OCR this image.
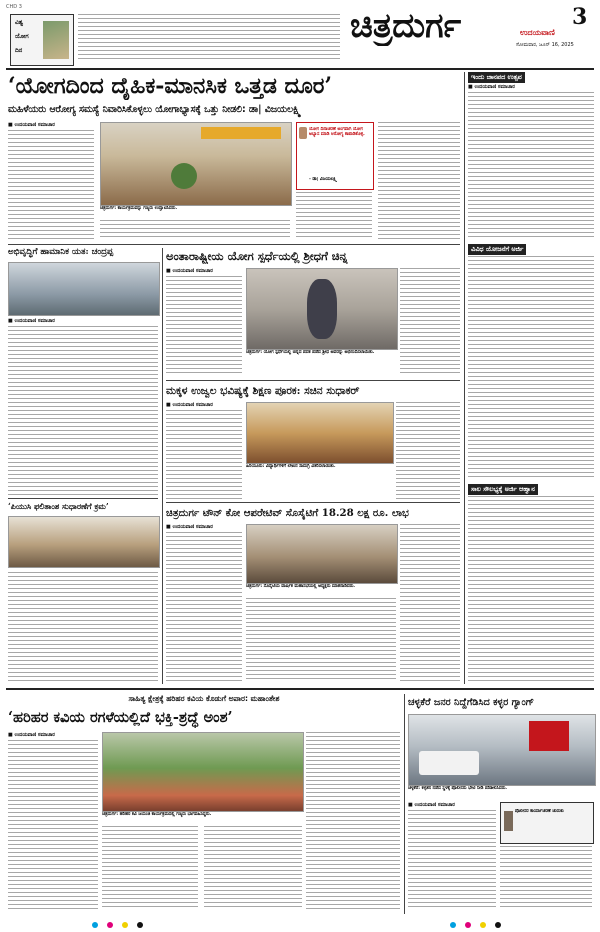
CHD 3
ವಿಶ್ವ
ಯೋಗ
ದಿನ
ಚಿತ್ರದುರ್ಗ	3
ಉದಯವಾಣಿ
ಸೋಮವಾರ, ಜೂನ್ 16, 2025
‘ಯೋಗದಿಂದ ದೈಹಿಕ-ಮಾನಸಿಕ ಒತ್ತಡ ದೂರ’
ಮಹಿಳೆಯರು ಆರೋಗ್ಯ ಸಮಸ್ಯೆ ನಿವಾರಿಸಿಕೊಳ್ಳಲು ಯೋಗಾಭ್ಯಾಸಕ್ಕೆ ಒತ್ತು ನೀಡಲಿ: ಡಾ| ವಿಜಯಲಕ್ಷ್ಮಿ
ಇಂದು ಜಾನಪದ ಉತ್ಸವ
■ ಉದಯವಾಣಿ ಸಮಾಚಾರ
ವಿವಿಧ ಯೋಜನೆಗೆ ಅರ್ಜಿ
ಸಾಲ ಸೌಲಭ್ಯಕ್ಕೆ ಅರ್ಜಿ ಆಹ್ವಾನ
■ ಉದಯವಾಣಿ ಸಮಾಚಾರ
ಚಿತ್ರದುರ್ಗ: ಕಾರ್ಯಕ್ರಮವನ್ನು ಗಣ್ಯರು ಉದ್ಘಾಟಿಸಿದರು.
ಯೋಗ ದಿನಾಚರಣೆ ಅಂಗವಾಗಿ ಯೋಗ ಅಭ್ಯಾಸ ಮಾಡಿ ಆರೋಗ್ಯ ಕಾಪಾಡಿಕೊಳ್ಳಿ.
- ಡಾ| ವಿಜಯಲಕ್ಷ್ಮಿ
ಅಭಿವೃದ್ಧಿಗೆ ಹಾಮಾನಿಕ ಯತ: ಚಂದ್ರಪ್ಪ
■ ಉದಯವಾಣಿ ಸಮಾಚಾರ
‘ಪಿಯುಸಿ ಫಲಿತಾಂಶ ಸುಧಾರಣೆಗೆ ಕ್ರಮ’
ಅಂತಾರಾಷ್ಟ್ರೀಯ ಯೋಗ ಸ್ಪರ್ಧೆಯಲ್ಲಿ ಶ್ರೀಧಗೆ ಚಿನ್ನ
■ ಉದಯವಾಣಿ ಸಮಾಚಾರ
ಚಿತ್ರದುರ್ಗ: ಯೋಗ ಸ್ಪರ್ಧೆಯಲ್ಲಿ ಚಿನ್ನದ ಪದಕ ಪಡೆದ ಶ್ರೀಧ ಅವರನ್ನು ಅಭಿನಂದಿಸಲಾಯಿತು.
ಮಕ್ಕಳ ಉಜ್ವಲ ಭವಿಷ್ಯಕ್ಕೆ ಶಿಕ್ಷಣ ಪೂರಕ: ಸಚಿನ ಸುಧಾಕರ್
■ ಉದಯವಾಣಿ ಸಮಾಚಾರ
ಹಿರಿಯೂರು: ವಿದ್ಯಾರ್ಥಿಗಳಿಗೆ ಲೇಖನ ಸಾಮಗ್ರಿ ವಿತರಿಸಲಾಯಿತು.
ಚಿತ್ರದುರ್ಗ ಟೌನ್ ಕೋ ಆಪರೇಟಿವ್ ಸೊಸೈಟಿಗೆ 18.28 ಲಕ್ಷ ರೂ. ಲಾಭ
■ ಉದಯವಾಣಿ ಸಮಾಚಾರ
ಚಿತ್ರದುರ್ಗ: ಸೊಸೈಟಿಯ ವಾರ್ಷಿಕ ಮಹಾಸಭೆಯಲ್ಲಿ ಅಧ್ಯಕ್ಷರು ಮಾತನಾಡಿದರು.
ಸಾಹಿತ್ಯ ಕ್ಷೇತ್ರಕ್ಕೆ ಹರಿಹರ ಕವಿಯ ಕೊಡುಗೆ ಅಪಾರ: ಮಹಾಂತೇಶ
‘ಹರಿಹರ ಕವಿಯ ರಗಳೆಯಲ್ಲಿದೆ ಭಕ್ತಿ-ಶ್ರದ್ಧೆ ಅಂಶ’
■ ಉದಯವಾಣಿ ಸಮಾಚಾರ
ಚಿತ್ರದುರ್ಗ: ಹರಿಹರ ಕವಿ ಜಯಂತಿ ಕಾರ್ಯಕ್ರಮದಲ್ಲಿ ಗಣ್ಯರು ಭಾಗವಹಿಸಿದ್ದರು.
ಚಳ್ಳಕೆರೆ ಜನರ ನಿದ್ದೆಗೆಡಿಸಿದ ಕಳ್ಳರ ಗ್ಯಾಂಗ್
ಚಳ್ಳಕೆರೆ: ಕಳ್ಳತನ ನಡೆದ ಸ್ಥಳಕ್ಕೆ ಪೊಲೀಸರು ಭೇಟಿ ನೀಡಿ ಪರಿಶೀಲಿಸಿದರು.
■ ಉದಯವಾಣಿ ಸಮಾಚಾರ
ಪೊಲೀಸರ ಕಾರ್ಯಾಚರಣೆ ಚುರುಕು
